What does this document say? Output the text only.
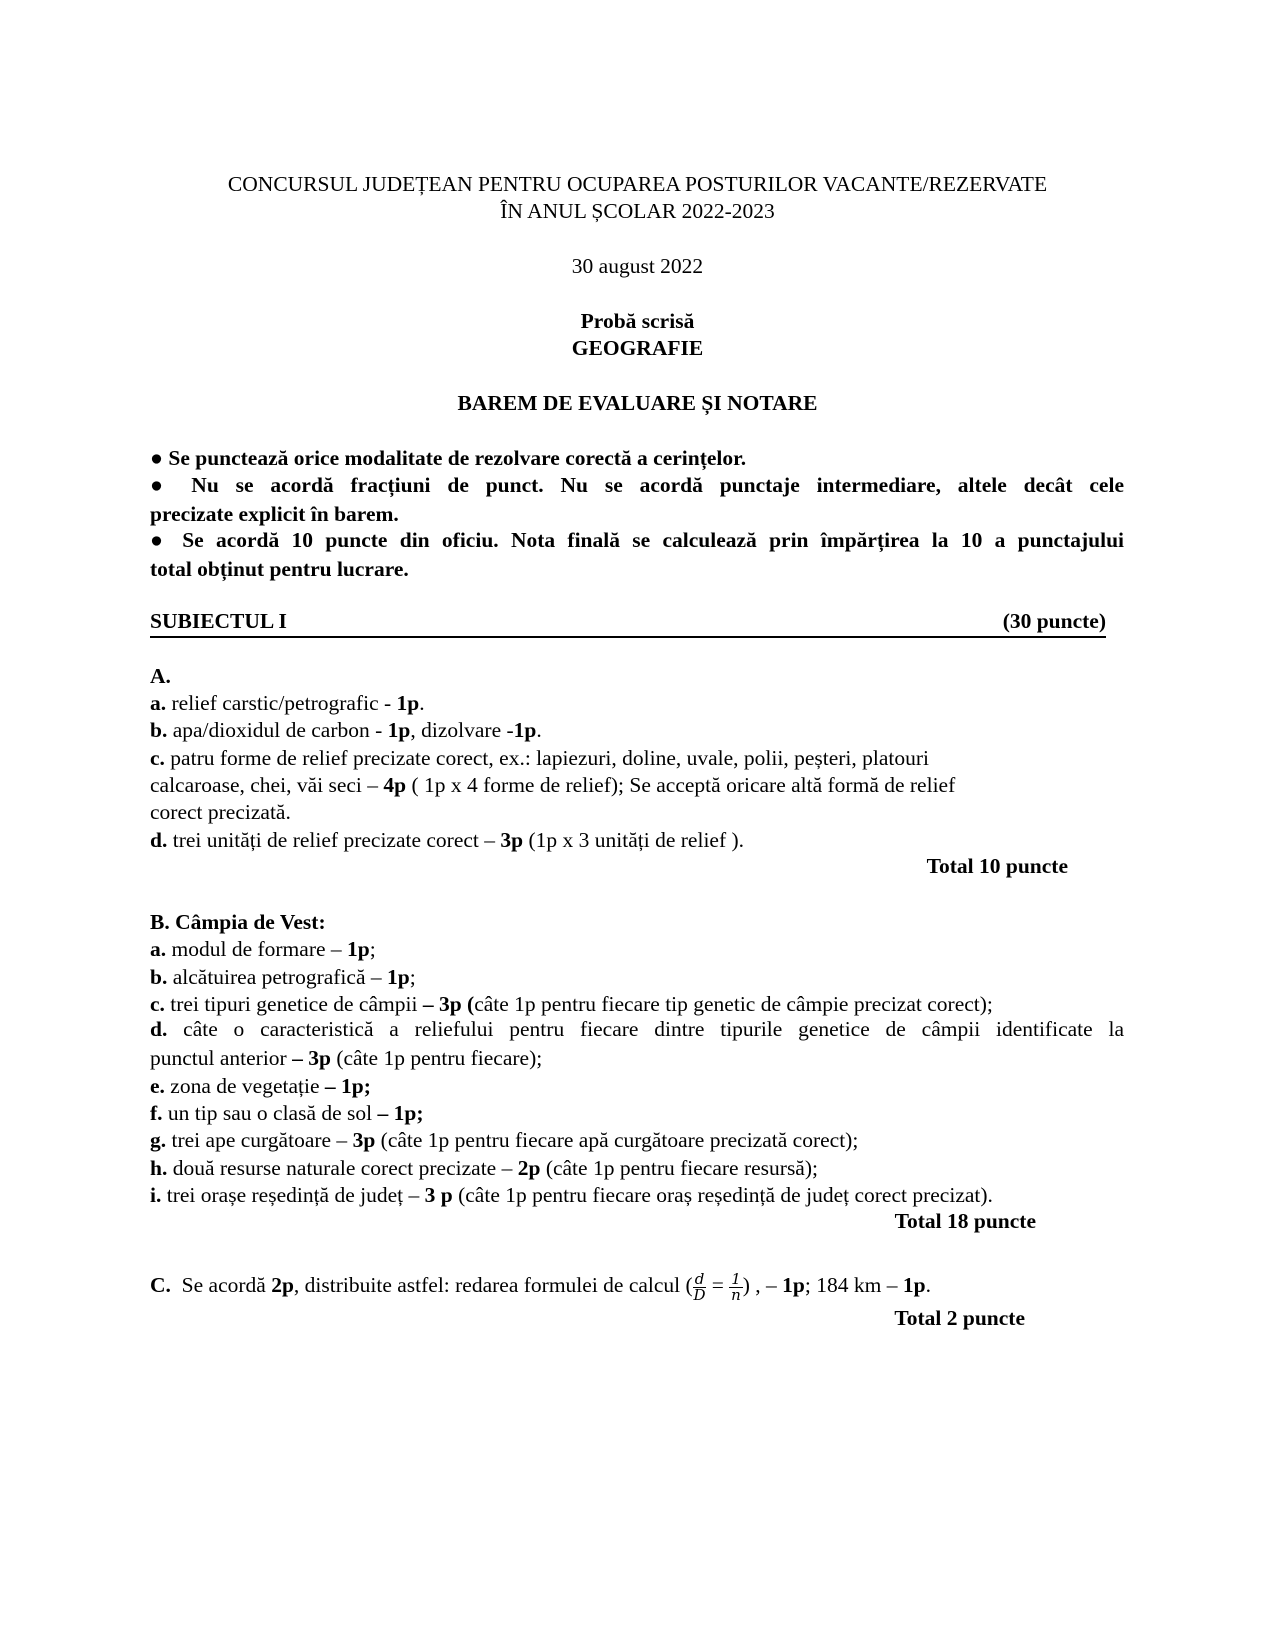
CONCURSUL JUDEȚEAN PENTRU OCUPAREA POSTURILOR VACANTE/REZERVATE
ÎN ANUL ȘCOLAR 2022-2023
30 august 2022
Probă scrisă
GEOGRAFIE
BAREM DE EVALUARE ȘI NOTARE
● Se punctează orice modalitate de rezolvare corectă a cerințelor.
● Nu se acordă fracțiuni de punct. Nu se acordă punctaje intermediare, altele decât cele
precizate explicit în barem.
● Se acordă 10 puncte din oficiu. Nota finală se calculează prin împărțirea la 10 a punctajului
total obținut pentru lucrare.
SUBIECTUL I	(30 puncte)
A.
a. relief carstic/petrografic - 1p.
b. apa/dioxidul de carbon - 1p, dizolvare -1p.
c. patru forme de relief precizate corect, ex.: lapiezuri, doline, uvale, polii, peșteri, platouri
calcaroase, chei, văi seci – 4p ( 1p x 4 forme de relief); Se acceptă oricare altă formă de relief
corect precizată.
d. trei unități de relief precizate corect – 3p (1p x 3 unități de relief ).
Total 10 puncte
B. Câmpia de Vest:
a. modul de formare – 1p;
b. alcătuirea petrografică – 1p;
c. trei tipuri genetice de câmpii – 3p (câte 1p pentru fiecare tip genetic de câmpie precizat corect);
d. câte o caracteristică a reliefului pentru fiecare dintre tipurile genetice de câmpii identificate la
punctul anterior – 3p (câte 1p pentru fiecare);
e. zona de vegetație – 1p;
f. un tip sau o clasă de sol – 1p;
g. trei ape curgătoare – 3p (câte 1p pentru fiecare apă curgătoare precizată corect);
h. două resurse naturale corect precizate – 2p (câte 1p pentru fiecare resursă);
i. trei orașe reședință de județ – 3 p (câte 1p pentru fiecare oraș reședință de județ corect precizat).
Total 18 puncte
C. Se acordă 2p, distribuite astfel: redarea formulei de calcul ( $\frac{d}{D} = \frac{1}{n}$ ) , – 1p; 184 km – 1p.
Total 2 puncte
